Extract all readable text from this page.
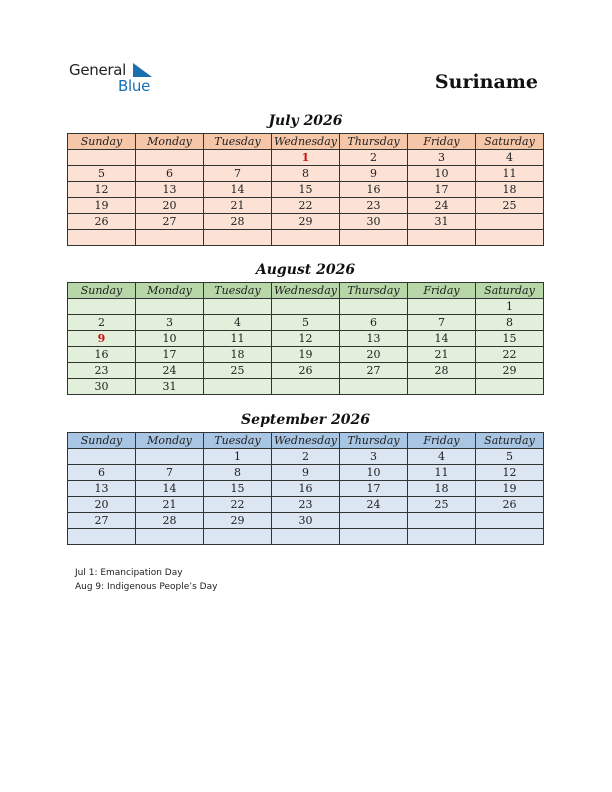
General
Blue	Suriname
July 2026
Sunday	Monday	Tuesday	Wednesday	Thursday	Friday	Saturday
			1	2	3	4
5	6	7	8	9	10	11
12	13	14	15	16	17	18
19	20	21	22	23	24	25
26	27	28	29	30	31	

August 2026
Sunday	Monday	Tuesday	Wednesday	Thursday	Friday	Saturday
						1
2	3	4	5	6	7	8
9	10	11	12	13	14	15
16	17	18	19	20	21	22
23	24	25	26	27	28	29
30	31					
September 2026
Sunday	Monday	Tuesday	Wednesday	Thursday	Friday	Saturday
		1	2	3	4	5
6	7	8	9	10	11	12
13	14	15	16	17	18	19
20	21	22	23	24	25	26
27	28	29	30			

Jul 1: Emancipation Day
Aug 9: Indigenous People’s Day
